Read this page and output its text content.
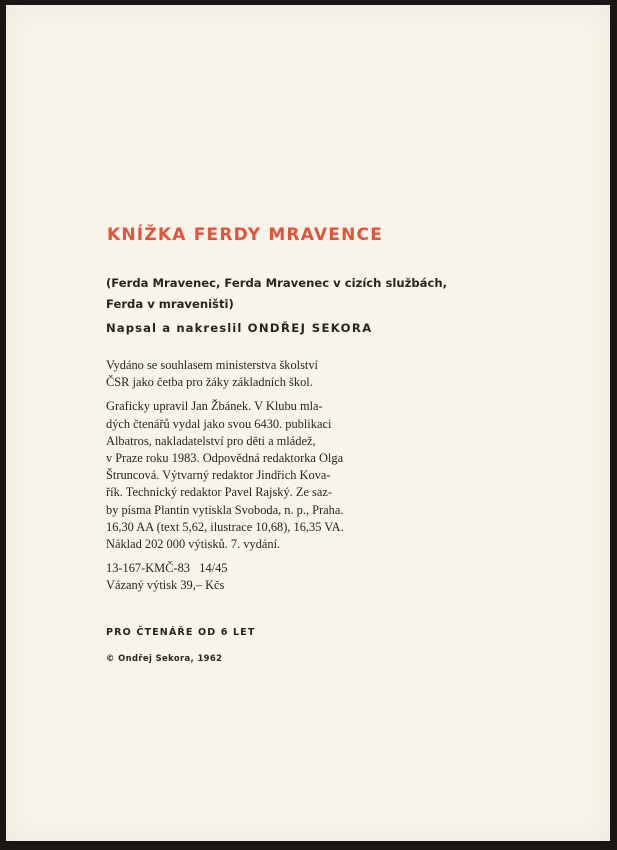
KNÍŽKA FERDY MRAVENCE
(Ferda Mravenec, Ferda Mravenec v cizích službách,
Ferda v mraveništi)
Napsal a nakreslil ONDŘEJ SEKORA
Vydáno se souhlasem ministerstva školství
ČSR jako četba pro žáky základních škol.
Graficky upravil Jan Žbánek. V Klubu mla-
dých čtenářů vydal jako svou 6430. publikaci
Albatros, nakladatelství pro děti a mládež,
v Praze roku 1983. Odpovědná redaktorka Olga
Štruncová. Výtvarný redaktor Jindřich Kova-
řík. Technický redaktor Pavel Rajský. Ze saz-
by písma Plantin vytiskla Svoboda, n. p., Praha.
16,30 AA (text 5,62, ilustrace 10,68), 16,35 VA.
Náklad 202 000 výtisků. 7. vydání.
13-167-KMČ-83   14/45
Vázaný výtisk 39,– Kčs
PRO ČTENÁŘE OD 6 LET
© Ondřej Sekora, 1962
